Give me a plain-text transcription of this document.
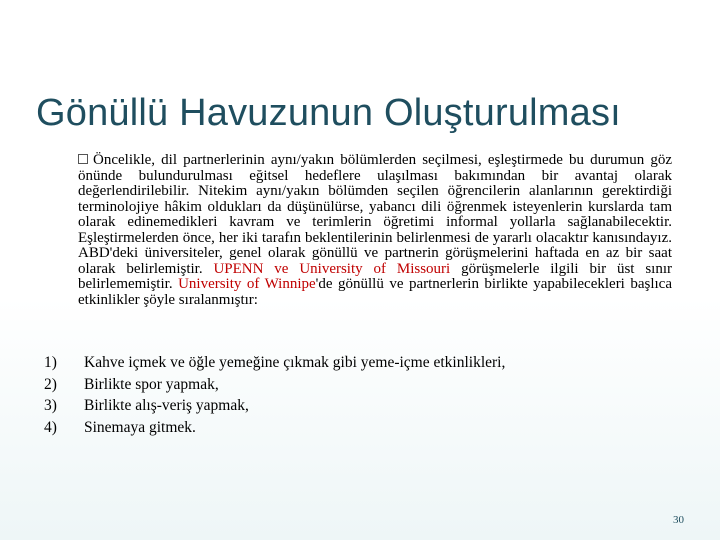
Gönüllü Havuzunun Oluşturulması
Öncelikle, dil partnerlerinin aynı/yakın bölümlerden seçilmesi, eşleştirmede bu durumun göz önünde bulundurulması eğitsel hedeflere ulaşılması bakımından bir avantaj olarak değerlendirilebilir. Nitekim aynı/yakın bölümden seçilen öğrencilerin alanlarının gerektirdiği terminolojiye hâkim oldukları da düşünülürse, yabancı dili öğrenmek isteyenlerin kurslarda tam olarak edinemedikleri kavram ve terimlerin öğretimi informal yollarla sağlanabilecektir. Eşleştirmelerden önce, her iki tarafın beklentilerinin belirlenmesi de yararlı olacaktır kanısındayız. ABD'deki üniversiteler, genel olarak gönüllü ve partnerin görüşmelerini haftada en az bir saat olarak belirlemiştir. UPENN ve University of Missouri görüşmelerle ilgili bir üst sınır belirlememiştir. University of Winnipe'de gönüllü ve partnerlerin birlikte yapabilecekleri başlıca etkinlikler şöyle sıralanmıştır:
1)	Kahve içmek ve öğle yemeğine çıkmak gibi yeme-içme etkinlikleri,
2)	Birlikte spor yapmak,
3)	Birlikte alış-veriş yapmak,
4)	Sinemaya gitmek.
30
